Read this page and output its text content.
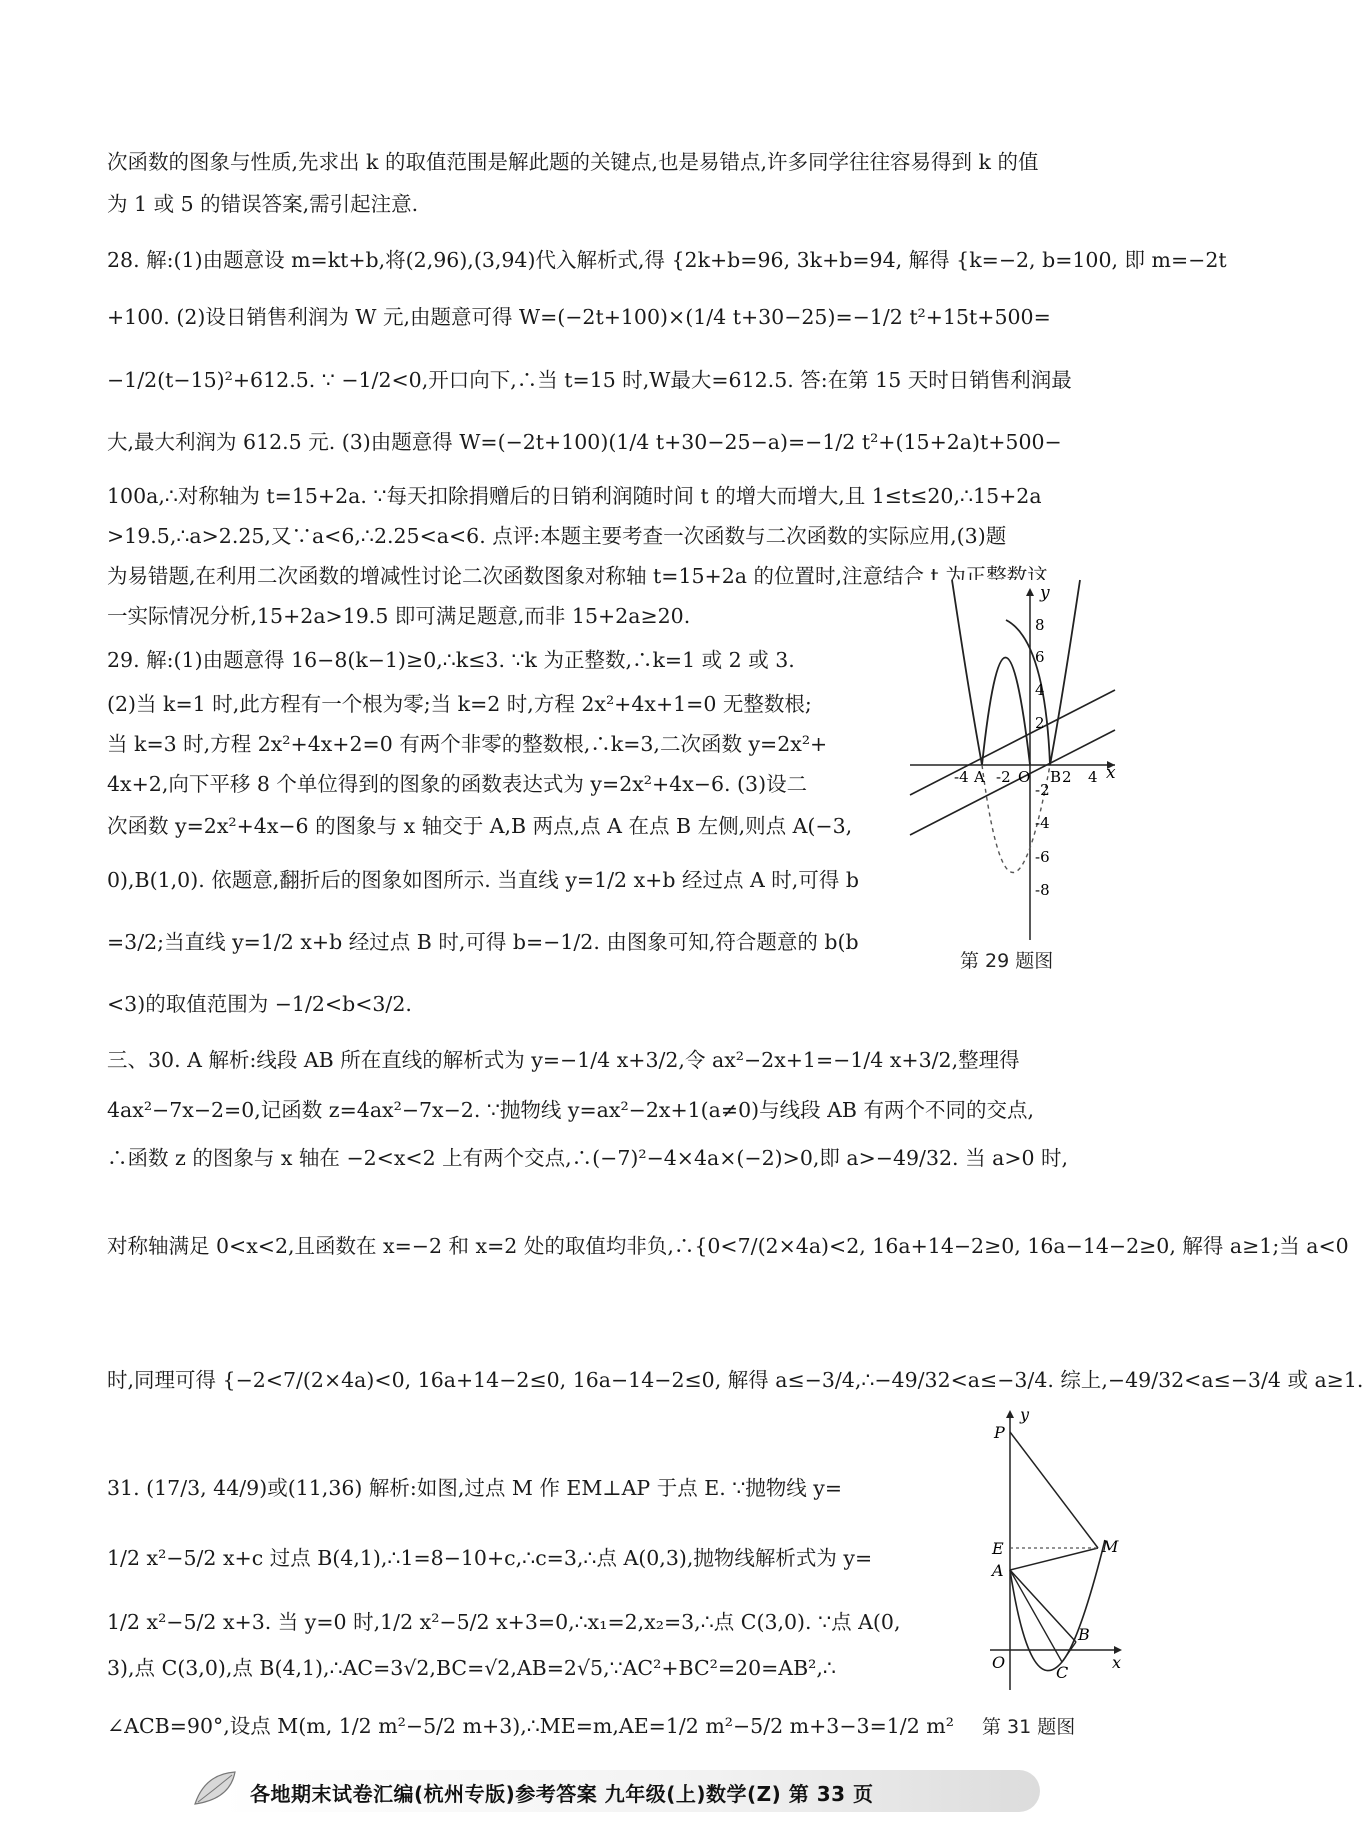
次函数的图象与性质,先求出 k 的取值范围是解此题的关键点,也是易错点,许多同学往往容易得到 k 的值
为 1 或 5 的错误答案,需引起注意.
28. 解:(1)由题意设 m=kt+b,将(2,96),(3,94)代入解析式,得 {2k+b=96, 3k+b=94, 解得 {k=−2, b=100, 即 m=−2t
+100. (2)设日销售利润为 W 元,由题意可得 W=(−2t+100)×(1/4 t+30−25)=−1/2 t²+15t+500=
−1/2(t−15)²+612.5. ∵ −1/2<0,开口向下,∴当 t=15 时,W最大=612.5. 答:在第 15 天时日销售利润最
大,最大利润为 612.5 元. (3)由题意得 W=(−2t+100)(1/4 t+30−25−a)=−1/2 t²+(15+2a)t+500−
100a,∴对称轴为 t=15+2a. ∵每天扣除捐赠后的日销利润随时间 t 的增大而增大,且 1≤t≤20,∴15+2a
>19.5,∴a>2.25,又∵a<6,∴2.25<a<6. 点评:本题主要考查一次函数与二次函数的实际应用,(3)题
为易错题,在利用二次函数的增减性讨论二次函数图象对称轴 t=15+2a 的位置时,注意结合 t 为正整数这
一实际情况分析,15+2a>19.5 即可满足题意,而非 15+2a≥20.
29. 解:(1)由题意得 16−8(k−1)≥0,∴k≤3. ∵k 为正整数,∴k=1 或 2 或 3.
(2)当 k=1 时,此方程有一个根为零;当 k=2 时,方程 2x²+4x+1=0 无整数根;
当 k=3 时,方程 2x²+4x+2=0 有两个非零的整数根,∴k=3,二次函数 y=2x²+
4x+2,向下平移 8 个单位得到的图象的函数表达式为 y=2x²+4x−6. (3)设二
次函数 y=2x²+4x−6 的图象与 x 轴交于 A,B 两点,点 A 在点 B 左侧,则点 A(−3,
0),B(1,0). 依题意,翻折后的图象如图所示. 当直线 y=1/2 x+b 经过点 A 时,可得 b
=3/2;当直线 y=1/2 x+b 经过点 B 时,可得 b=−1/2. 由图象可知,符合题意的 b(b
<3)的取值范围为 −1/2<b<3/2.
y
8
6
4
2
-2
-4
-6
-8
-4 A -2 O B 2 4 x
第 29 题图
三、30. A 解析:线段 AB 所在直线的解析式为 y=−1/4 x+3/2,令 ax²−2x+1=−1/4 x+3/2,整理得
4ax²−7x−2=0,记函数 z=4ax²−7x−2. ∵抛物线 y=ax²−2x+1(a≠0)与线段 AB 有两个不同的交点,
∴函数 z 的图象与 x 轴在 −2<x<2 上有两个交点,∴(−7)²−4×4a×(−2)>0,即 a>−49/32. 当 a>0 时,
对称轴满足 0<x<2,且函数在 x=−2 和 x=2 处的取值均非负,∴{0<7/(2×4a)<2, 16a+14−2≥0, 16a−14−2≥0, 解得 a≥1;当 a<0
时,同理可得 {−2<7/(2×4a)<0, 16a+14−2≤0, 16a−14−2≤0, 解得 a≤−3/4,∴−49/32<a≤−3/4. 综上,−49/32<a≤−3/4 或 a≥1.
31. (17/3, 44/9)或(11,36) 解析:如图,过点 M 作 EM⊥AP 于点 E. ∵抛物线 y=
1/2 x²−5/2 x+c 过点 B(4,1),∴1=8−10+c,∴c=3,∴点 A(0,3),抛物线解析式为 y=
1/2 x²−5/2 x+3. 当 y=0 时,1/2 x²−5/2 x+3=0,∴x₁=2,x₂=3,∴点 C(3,0). ∵点 A(0,
3),点 C(3,0),点 B(4,1),∴AC=3√2,BC=√2,AB=2√5,∵AC²+BC²=20=AB²,∴
∠ACB=90°,设点 M(m, 1/2 m²−5/2 m+3),∴ME=m,AE=1/2 m²−5/2 m+3−3=1/2 m²
P
E	M
A
B
O
C
x
y
第 31 题图
各地期末试卷汇编(杭州专版)参考答案 九年级(上)数学(Z) 第 33 页
